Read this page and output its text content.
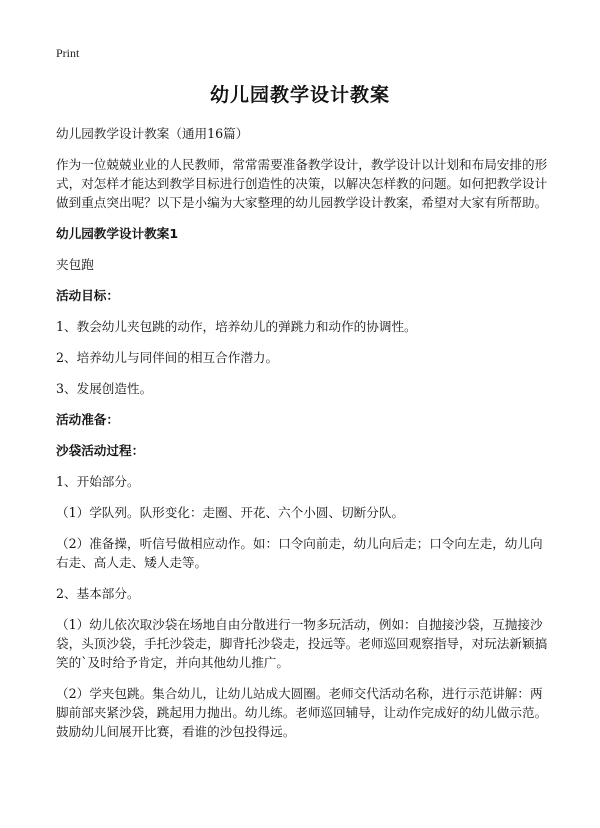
Print
幼儿园教学设计教案

幼儿园教学设计教案（通用16篇）

作为一位兢兢业业的人民教师，常常需要准备教学设计，教学设计以计划和布局安排的形式，对怎样才能达到教学目标进行创造性的决策，以解决怎样教的问题。如何把教学设计做到重点突出呢？以下是小编为大家整理的幼儿园教学设计教案，希望对大家有所帮助。

幼儿园教学设计教案1

夹包跑

活动目标：

1、教会幼儿夹包跳的动作，培养幼儿的弹跳力和动作的协调性。

2、培养幼儿与同伴间的相互合作潜力。

3、发展创造性。

活动准备：

沙袋活动过程：

1、开始部分。

（1）学队列。队形变化：走圈、开花、六个小圆、切断分队。

（2）准备操，听信号做相应动作。如：口令向前走，幼儿向后走；口令向左走，幼儿向右走、高人走、矮人走等。

2、基本部分。

（1）幼儿依次取沙袋在场地自由分散进行一物多玩活动，例如：自抛接沙袋，互抛接沙袋，头顶沙袋，手托沙袋走，脚背托沙袋走，投远等。老师巡回观察指导，对玩法新颖搞笑的`及时给予肯定，并向其他幼儿推广。

（2）学夹包跳。集合幼儿，让幼儿站成大圆圈。老师交代活动名称，进行示范讲解：两脚前部夹紧沙袋，跳起用力抛出。幼儿练。老师巡回辅导，让动作完成好的幼儿做示范。鼓励幼儿间展开比赛，看谁的沙包投得远。
